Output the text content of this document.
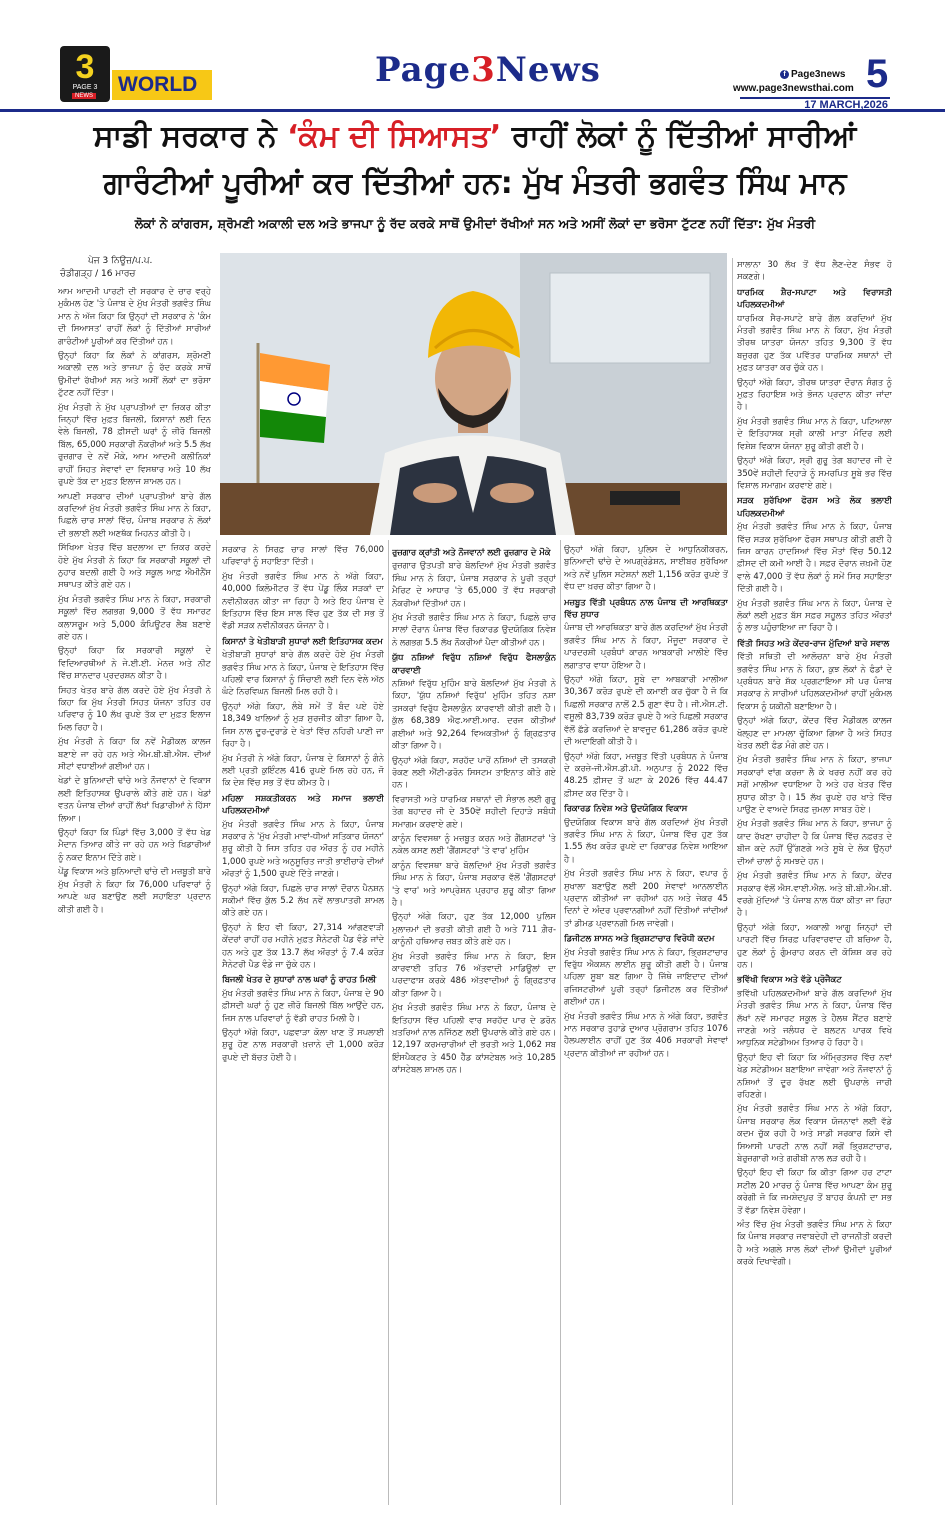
3
PAGE 3
NEWS WORLD	Page3News	f Page3news
www.page3newsthai.com 5
17 MARCH,2026
ਸਾਡੀ ਸਰਕਾਰ ਨੇ ‘ਕੰਮ ਦੀ ਸਿਆਸਤ’ ਰਾਹੀਂ ਲੋਕਾਂ ਨੂੰ ਦਿੱਤੀਆਂ ਸਾਰੀਆਂ
ਗਾਰੰਟੀਆਂ ਪੂਰੀਆਂ ਕਰ ਦਿੱਤੀਆਂ ਹਨ: ਮੁੱਖ ਮੰਤਰੀ ਭਗਵੰਤ ਸਿੰਘ ਮਾਨ
ਲੋਕਾਂ ਨੇ ਕਾਂਗਰਸ, ਸ਼੍ਰੋਮਣੀ ਅਕਾਲੀ ਦਲ ਅਤੇ ਭਾਜਪਾ ਨੂੰ ਰੱਦ ਕਰਕੇ ਸਾਥੋਂ ਉਮੀਦਾਂ ਰੱਖੀਆਂ ਸਨ ਅਤੇ ਅਸੀਂ ਲੋਕਾਂ ਦਾ ਭਰੋਸਾ ਟੁੱਟਣ ਨਹੀਂ ਦਿੱਤਾ: ਮੁੱਖ ਮੰਤਰੀ
ਪੇਜ 3 ਨਿਊਜ਼/ਪ.ਪ.
ਚੰਡੀਗੜ੍ਹ / 16 ਮਾਰਚ

ਆਮ ਆਦਮੀ ਪਾਰਟੀ ਦੀ ਸਰਕਾਰ ਦੇ ਚਾਰ ਵਰ੍ਹੇ ਮੁਕੰਮਲ ਹੋਣ 'ਤੇ ਪੰਜਾਬ ਦੇ ਮੁੱਖ ਮੰਤਰੀ ਭਗਵੰਤ ਸਿੰਘ ਮਾਨ ਨੇ ਅੱਜ ਕਿਹਾ ਕਿ ਉਨ੍ਹਾਂ ਦੀ ਸਰਕਾਰ ਨੇ 'ਕੰਮ ਦੀ ਸਿਆਸਤ' ਰਾਹੀਂ ਲੋਕਾਂ ਨੂੰ ਦਿੱਤੀਆਂ ਸਾਰੀਆਂ ਗਾਰੰਟੀਆਂ ਪੂਰੀਆਂ ਕਰ ਦਿੱਤੀਆਂ ਹਨ।

ਉਨ੍ਹਾਂ ਕਿਹਾ ਕਿ ਲੋਕਾਂ ਨੇ ਕਾਂਗਰਸ, ਸ਼੍ਰੋਮਣੀ ਅਕਾਲੀ ਦਲ ਅਤੇ ਭਾਜਪਾ ਨੂੰ ਰੱਦ ਕਰਕੇ ਸਾਥੋਂ ਉਮੀਦਾਂ ਰੱਖੀਆਂ ਸਨ ਅਤੇ ਅਸੀਂ ਲੋਕਾਂ ਦਾ ਭਰੋਸਾ ਟੁੱਟਣ ਨਹੀਂ ਦਿੱਤਾ।

ਮੁੱਖ ਮੰਤਰੀ ਨੇ ਮੁੱਖ ਪ੍ਰਾਪਤੀਆਂ ਦਾ ਜ਼ਿਕਰ ਕੀਤਾ ਜਿਨ੍ਹਾਂ ਵਿੱਚ ਮੁਫ਼ਤ ਬਿਜਲੀ, ਕਿਸਾਨਾਂ ਲਈ ਦਿਨ ਵੇਲੇ ਬਿਜਲੀ, 78 ਫ਼ੀਸਦੀ ਘਰਾਂ ਨੂੰ ਜ਼ੀਰੋ ਬਿਜਲੀ ਬਿੱਲ, 65,000 ਸਰਕਾਰੀ ਨੌਕਰੀਆਂ ਅਤੇ 5.5 ਲੱਖ ਰੁਜ਼ਗਾਰ ਦੇ ਨਵੇਂ ਮੌਕੇ, ਆਮ ਆਦਮੀ ਕਲੀਨਿਕਾਂ ਰਾਹੀਂ ਸਿਹਤ ਸੇਵਾਵਾਂ ਦਾ ਵਿਸਥਾਰ ਅਤੇ 10 ਲੱਖ ਰੁਪਏ ਤੱਕ ਦਾ ਮੁਫ਼ਤ ਇਲਾਜ ਸ਼ਾਮਲ ਹਨ।

ਆਪਣੀ ਸਰਕਾਰ ਦੀਆਂ ਪ੍ਰਾਪਤੀਆਂ ਬਾਰੇ ਗੱਲ ਕਰਦਿਆਂ ਮੁੱਖ ਮੰਤਰੀ ਭਗਵੰਤ ਸਿੰਘ ਮਾਨ ਨੇ ਕਿਹਾ, ਪਿਛਲੇ ਚਾਰ ਸਾਲਾਂ ਵਿੱਚ, ਪੰਜਾਬ ਸਰਕਾਰ ਨੇ ਲੋਕਾਂ ਦੀ ਭਲਾਈ ਲਈ ਅਣਥੱਕ ਮਿਹਨਤ ਕੀਤੀ ਹੈ।

ਸਿੱਖਿਆ ਖੇਤਰ ਵਿੱਚ ਬਦਲਾਅ ਦਾ ਜ਼ਿਕਰ ਕਰਦੇ ਹੋਏ ਮੁੱਖ ਮੰਤਰੀ ਨੇ ਕਿਹਾ ਕਿ ਸਰਕਾਰੀ ਸਕੂਲਾਂ ਦੀ ਨੁਹਾਰ ਬਦਲੀ ਗਈ ਹੈ ਅਤੇ ਸਕੂਲ ਆਫ਼ ਐਮੀਨੈਂਸ ਸਥਾਪਤ ਕੀਤੇ ਗਏ ਹਨ।

ਮੁੱਖ ਮੰਤਰੀ ਭਗਵੰਤ ਸਿੰਘ ਮਾਨ ਨੇ ਕਿਹਾ, ਸਰਕਾਰੀ ਸਕੂਲਾਂ ਵਿੱਚ ਲਗਭਗ 9,000 ਤੋਂ ਵੱਧ ਸਮਾਰਟ ਕਲਾਸਰੂਮ ਅਤੇ 5,000 ਕੰਪਿਊਟਰ ਲੈਬ ਬਣਾਏ ਗਏ ਹਨ।

ਉਨ੍ਹਾਂ ਕਿਹਾ ਕਿ ਸਰਕਾਰੀ ਸਕੂਲਾਂ ਦੇ ਵਿਦਿਆਰਥੀਆਂ ਨੇ ਜੇ.ਈ.ਈ. ਮੇਨਜ਼ ਅਤੇ ਨੀਟ ਵਿੱਚ ਸ਼ਾਨਦਾਰ ਪ੍ਰਦਰਸ਼ਨ ਕੀਤਾ ਹੈ।

ਸਿਹਤ ਖੇਤਰ ਬਾਰੇ ਗੱਲ ਕਰਦੇ ਹੋਏ ਮੁੱਖ ਮੰਤਰੀ ਨੇ ਕਿਹਾ ਕਿ ਮੁੱਖ ਮੰਤਰੀ ਸਿਹਤ ਯੋਜਨਾ ਤਹਿਤ ਹਰ ਪਰਿਵਾਰ ਨੂੰ 10 ਲੱਖ ਰੁਪਏ ਤੱਕ ਦਾ ਮੁਫ਼ਤ ਇਲਾਜ ਮਿਲ ਰਿਹਾ ਹੈ।

ਮੁੱਖ ਮੰਤਰੀ ਨੇ ਕਿਹਾ ਕਿ ਨਵੇਂ ਮੈਡੀਕਲ ਕਾਲਜ ਬਣਾਏ ਜਾ ਰਹੇ ਹਨ ਅਤੇ ਐਮ.ਬੀ.ਬੀ.ਐਸ. ਦੀਆਂ ਸੀਟਾਂ ਵਧਾਈਆਂ ਗਈਆਂ ਹਨ।

ਖੇਡਾਂ ਦੇ ਬੁਨਿਆਦੀ ਢਾਂਚੇ ਅਤੇ ਨੌਜਵਾਨਾਂ ਦੇ ਵਿਕਾਸ ਲਈ ਇਤਿਹਾਸਕ ਉਪਰਾਲੇ ਕੀਤੇ ਗਏ ਹਨ। ਖੇਡਾਂ ਵਤਨ ਪੰਜਾਬ ਦੀਆਂ ਰਾਹੀਂ ਲੱਖਾਂ ਖਿਡਾਰੀਆਂ ਨੇ ਹਿੱਸਾ ਲਿਆ।

ਉਨ੍ਹਾਂ ਕਿਹਾ ਕਿ ਪਿੰਡਾਂ ਵਿੱਚ 3,000 ਤੋਂ ਵੱਧ ਖੇਡ ਮੈਦਾਨ ਤਿਆਰ ਕੀਤੇ ਜਾ ਰਹੇ ਹਨ ਅਤੇ ਖਿਡਾਰੀਆਂ ਨੂੰ ਨਕਦ ਇਨਾਮ ਦਿੱਤੇ ਗਏ।

ਪੇਂਡੂ ਵਿਕਾਸ ਅਤੇ ਬੁਨਿਆਦੀ ਢਾਂਚੇ ਦੀ ਮਜ਼ਬੂਤੀ ਬਾਰੇ ਮੁੱਖ ਮੰਤਰੀ ਨੇ ਕਿਹਾ ਕਿ 76,000 ਪਰਿਵਾਰਾਂ ਨੂੰ ਆਪਣੇ ਘਰ ਬਣਾਉਣ ਲਈ ਸਹਾਇਤਾ ਪ੍ਰਦਾਨ ਕੀਤੀ ਗਈ ਹੈ।

ਸਰਕਾਰ ਨੇ ਸਿਰਫ਼ ਚਾਰ ਸਾਲਾਂ ਵਿੱਚ 76,000 ਪਰਿਵਾਰਾਂ ਨੂੰ ਸਹਾਇਤਾ ਦਿੱਤੀ।

ਮੁੱਖ ਮੰਤਰੀ ਭਗਵੰਤ ਸਿੰਘ ਮਾਨ ਨੇ ਅੱਗੇ ਕਿਹਾ, 40,000 ਕਿਲੋਮੀਟਰ ਤੋਂ ਵੱਧ ਪੇਂਡੂ ਲਿੰਕ ਸੜਕਾਂ ਦਾ ਨਵੀਨੀਕਰਨ ਕੀਤਾ ਜਾ ਰਿਹਾ ਹੈ ਅਤੇ ਇਹ ਪੰਜਾਬ ਦੇ ਇਤਿਹਾਸ ਵਿੱਚ ਇਸ ਸਾਲ ਵਿੱਚ ਹੁਣ ਤੱਕ ਦੀ ਸਭ ਤੋਂ ਵੱਡੀ ਸੜਕ ਨਵੀਨੀਕਰਨ ਯੋਜਨਾ ਹੈ।

ਕਿਸਾਨਾਂ ਤੇ ਖੇਤੀਬਾੜੀ ਸੁਧਾਰਾਂ ਲਈ ਇਤਿਹਾਸਕ ਕਦਮ

ਖੇਤੀਬਾੜੀ ਸੁਧਾਰਾਂ ਬਾਰੇ ਗੱਲ ਕਰਦੇ ਹੋਏ ਮੁੱਖ ਮੰਤਰੀ ਭਗਵੰਤ ਸਿੰਘ ਮਾਨ ਨੇ ਕਿਹਾ, ਪੰਜਾਬ ਦੇ ਇਤਿਹਾਸ ਵਿੱਚ ਪਹਿਲੀ ਵਾਰ ਕਿਸਾਨਾਂ ਨੂੰ ਸਿੰਚਾਈ ਲਈ ਦਿਨ ਵੇਲੇ ਅੱਠ ਘੰਟੇ ਨਿਰਵਿਘਨ ਬਿਜਲੀ ਮਿਲ ਰਹੀ ਹੈ।

ਉਨ੍ਹਾਂ ਅੱਗੇ ਕਿਹਾ, ਲੰਬੇ ਸਮੇਂ ਤੋਂ ਬੰਦ ਪਏ ਹੋਏ 18,349 ਖਾਲਿਆਂ ਨੂੰ ਮੁੜ ਸੁਰਜੀਤ ਕੀਤਾ ਗਿਆ ਹੈ, ਜਿਸ ਨਾਲ ਦੂਰ-ਦੁਰਾਡੇ ਦੇ ਖੇਤਾਂ ਵਿੱਚ ਨਹਿਰੀ ਪਾਣੀ ਜਾ ਰਿਹਾ ਹੈ।

ਮੁੱਖ ਮੰਤਰੀ ਨੇ ਅੱਗੇ ਕਿਹਾ, ਪੰਜਾਬ ਦੇ ਕਿਸਾਨਾਂ ਨੂੰ ਗੰਨੇ ਲਈ ਪ੍ਰਤੀ ਕੁਇੰਟਲ 416 ਰੁਪਏ ਮਿਲ ਰਹੇ ਹਨ, ਜੋ ਕਿ ਦੇਸ਼ ਵਿੱਚ ਸਭ ਤੋਂ ਵੱਧ ਕੀਮਤ ਹੈ।

ਮਹਿਲਾ ਸਸ਼ਕਤੀਕਰਨ ਅਤੇ ਸਮਾਜ ਭਲਾਈ ਪਹਿਲਕਦਮੀਆਂ

ਮੁੱਖ ਮੰਤਰੀ ਭਗਵੰਤ ਸਿੰਘ ਮਾਨ ਨੇ ਕਿਹਾ, ਪੰਜਾਬ ਸਰਕਾਰ ਨੇ 'ਮੁੱਖ ਮੰਤਰੀ ਮਾਵਾਂ-ਧੀਆਂ ਸਤਿਕਾਰ ਯੋਜਨਾ' ਸ਼ੁਰੂ ਕੀਤੀ ਹੈ ਜਿਸ ਤਹਿਤ ਹਰ ਔਰਤ ਨੂੰ ਹਰ ਮਹੀਨੇ 1,000 ਰੁਪਏ ਅਤੇ ਅਨੁਸੂਚਿਤ ਜਾਤੀ ਭਾਈਚਾਰੇ ਦੀਆਂ ਔਰਤਾਂ ਨੂੰ 1,500 ਰੁਪਏ ਦਿੱਤੇ ਜਾਣਗੇ।

ਉਨ੍ਹਾਂ ਅੱਗੇ ਕਿਹਾ, ਪਿਛਲੇ ਚਾਰ ਸਾਲਾਂ ਦੌਰਾਨ ਪੈਨਸ਼ਨ ਸਕੀਮਾਂ ਵਿੱਚ ਕੁੱਲ 5.2 ਲੱਖ ਨਵੇਂ ਲਾਭਪਾਤਰੀ ਸ਼ਾਮਲ ਕੀਤੇ ਗਏ ਹਨ।

ਉਨ੍ਹਾਂ ਨੇ ਇਹ ਵੀ ਕਿਹਾ, 27,314 ਆਂਗਣਵਾੜੀ ਕੇਂਦਰਾਂ ਰਾਹੀਂ ਹਰ ਮਹੀਨੇ ਮੁਫ਼ਤ ਸੈਨੇਟਰੀ ਪੈਡ ਵੰਡੇ ਜਾਂਦੇ ਹਨ ਅਤੇ ਹੁਣ ਤੱਕ 13.7 ਲੱਖ ਔਰਤਾਂ ਨੂੰ 7.4 ਕਰੋੜ ਸੈਨੇਟਰੀ ਪੈਡ ਵੰਡੇ ਜਾ ਚੁੱਕੇ ਹਨ।

ਬਿਜਲੀ ਖੇਤਰ ਦੇ ਸੁਧਾਰਾਂ ਨਾਲ ਘਰਾਂ ਨੂੰ ਰਾਹਤ ਮਿਲੀ

ਮੁੱਖ ਮੰਤਰੀ ਭਗਵੰਤ ਸਿੰਘ ਮਾਨ ਨੇ ਕਿਹਾ, ਪੰਜਾਬ ਦੇ 90 ਫ਼ੀਸਦੀ ਘਰਾਂ ਨੂੰ ਹੁਣ ਜ਼ੀਰੋ ਬਿਜਲੀ ਬਿੱਲ ਆਉਂਦੇ ਹਨ, ਜਿਸ ਨਾਲ ਪਰਿਵਾਰਾਂ ਨੂੰ ਵੱਡੀ ਰਾਹਤ ਮਿਲੀ ਹੈ।

ਉਨ੍ਹਾਂ ਅੱਗੇ ਕਿਹਾ, ਪਛਵਾੜਾ ਕੋਲਾ ਖਾਣ ਤੋਂ ਸਪਲਾਈ ਸ਼ੁਰੂ ਹੋਣ ਨਾਲ ਸਰਕਾਰੀ ਖ਼ਜ਼ਾਨੇ ਦੀ 1,000 ਕਰੋੜ ਰੁਪਏ ਦੀ ਬੱਚਤ ਹੋਈ ਹੈ।

ਰੁਜ਼ਗਾਰ ਕ੍ਰਾਂਤੀ ਅਤੇ ਨੌਜਵਾਨਾਂ ਲਈ ਰੁਜ਼ਗਾਰ ਦੇ ਮੌਕੇ

ਰੁਜ਼ਗਾਰ ਉਤਪਤੀ ਬਾਰੇ ਬੋਲਦਿਆਂ ਮੁੱਖ ਮੰਤਰੀ ਭਗਵੰਤ ਸਿੰਘ ਮਾਨ ਨੇ ਕਿਹਾ, ਪੰਜਾਬ ਸਰਕਾਰ ਨੇ ਪੂਰੀ ਤਰ੍ਹਾਂ ਮੈਰਿਟ ਦੇ ਆਧਾਰ 'ਤੇ 65,000 ਤੋਂ ਵੱਧ ਸਰਕਾਰੀ ਨੌਕਰੀਆਂ ਦਿੱਤੀਆਂ ਹਨ।

ਮੁੱਖ ਮੰਤਰੀ ਭਗਵੰਤ ਸਿੰਘ ਮਾਨ ਨੇ ਕਿਹਾ, ਪਿਛਲੇ ਚਾਰ ਸਾਲਾਂ ਦੌਰਾਨ ਪੰਜਾਬ ਵਿੱਚ ਰਿਕਾਰਡ ਉਦਯੋਗਿਕ ਨਿਵੇਸ਼ ਨੇ ਲਗਭਗ 5.5 ਲੱਖ ਨੌਕਰੀਆਂ ਪੈਦਾ ਕੀਤੀਆਂ ਹਨ।

ਯੁੱਧ ਨਸ਼ਿਆਂ ਵਿਰੁੱਧ ਨਸ਼ਿਆਂ ਵਿਰੁੱਧ ਫੈਸਲਾਕੁੰਨ ਕਾਰਵਾਈ

ਨਸ਼ਿਆਂ ਵਿਰੁੱਧ ਮੁਹਿੰਮ ਬਾਰੇ ਬੋਲਦਿਆਂ ਮੁੱਖ ਮੰਤਰੀ ਨੇ ਕਿਹਾ, 'ਯੁੱਧ ਨਸ਼ਿਆਂ ਵਿਰੁੱਧ' ਮੁਹਿੰਮ ਤਹਿਤ ਨਸ਼ਾ ਤਸਕਰਾਂ ਵਿਰੁੱਧ ਫੈਸਲਾਕੁੰਨ ਕਾਰਵਾਈ ਕੀਤੀ ਗਈ ਹੈ। ਕੁੱਲ 68,389 ਐਫ.ਆਈ.ਆਰ. ਦਰਜ ਕੀਤੀਆਂ ਗਈਆਂ ਅਤੇ 92,264 ਵਿਅਕਤੀਆਂ ਨੂੰ ਗ੍ਰਿਫ਼ਤਾਰ ਕੀਤਾ ਗਿਆ ਹੈ।

ਉਨ੍ਹਾਂ ਅੱਗੇ ਕਿਹਾ, ਸਰਹੱਦ ਪਾਰੋਂ ਨਸ਼ਿਆਂ ਦੀ ਤਸਕਰੀ ਰੋਕਣ ਲਈ ਐਂਟੀ-ਡਰੋਨ ਸਿਸਟਮ ਤਾਇਨਾਤ ਕੀਤੇ ਗਏ ਹਨ।

ਵਿਰਾਸਤੀ ਅਤੇ ਧਾਰਮਿਕ ਸਥਾਨਾਂ ਦੀ ਸੰਭਾਲ ਲਈ ਗੁਰੂ ਤੇਗ ਬਹਾਦਰ ਜੀ ਦੇ 350ਵੇਂ ਸ਼ਹੀਦੀ ਦਿਹਾੜੇ ਸਬੰਧੀ ਸਮਾਗਮ ਕਰਵਾਏ ਗਏ।

ਕਾਨੂੰਨ ਵਿਵਸਥਾ ਨੂੰ ਮਜ਼ਬੂਤ ਕਰਨ ਅਤੇ ਗੈਂਗਸਟਰਾਂ 'ਤੇ ਨਕੇਲ ਕਸਣ ਲਈ 'ਗੈਂਗਸਟਰਾਂ 'ਤੇ ਵਾਰ' ਮੁਹਿੰਮ

ਕਾਨੂੰਨ ਵਿਵਸਥਾ ਬਾਰੇ ਬੋਲਦਿਆਂ ਮੁੱਖ ਮੰਤਰੀ ਭਗਵੰਤ ਸਿੰਘ ਮਾਨ ਨੇ ਕਿਹਾ, ਪੰਜਾਬ ਸਰਕਾਰ ਵੱਲੋਂ 'ਗੈਂਗਸਟਰਾਂ 'ਤੇ ਵਾਰ' ਅਤੇ ਆਪ੍ਰੇਸ਼ਨ ਪ੍ਰਹਾਰ ਸ਼ੁਰੂ ਕੀਤਾ ਗਿਆ ਹੈ।

ਉਨ੍ਹਾਂ ਅੱਗੇ ਕਿਹਾ, ਹੁਣ ਤੱਕ 12,000 ਪੁਲਿਸ ਮੁਲਾਜ਼ਮਾਂ ਦੀ ਭਰਤੀ ਕੀਤੀ ਗਈ ਹੈ ਅਤੇ 711 ਗ਼ੈਰ-ਕਾਨੂੰਨੀ ਹਥਿਆਰ ਜ਼ਬਤ ਕੀਤੇ ਗਏ ਹਨ।

ਮੁੱਖ ਮੰਤਰੀ ਭਗਵੰਤ ਸਿੰਘ ਮਾਨ ਨੇ ਕਿਹਾ, ਇਸ ਕਾਰਵਾਈ ਤਹਿਤ 76 ਅੱਤਵਾਦੀ ਮਾਡਿਊਲਾਂ ਦਾ ਪਰਦਾਫਾਸ਼ ਕਰਕੇ 486 ਅੱਤਵਾਦੀਆਂ ਨੂੰ ਗ੍ਰਿਫ਼ਤਾਰ ਕੀਤਾ ਗਿਆ ਹੈ।

ਮੁੱਖ ਮੰਤਰੀ ਭਗਵੰਤ ਸਿੰਘ ਮਾਨ ਨੇ ਕਿਹਾ, ਪੰਜਾਬ ਦੇ ਇਤਿਹਾਸ ਵਿੱਚ ਪਹਿਲੀ ਵਾਰ ਸਰਹੱਦ ਪਾਰ ਦੇ ਡਰੋਨ ਖ਼ਤਰਿਆਂ ਨਾਲ ਨਜਿੱਠਣ ਲਈ ਉਪਰਾਲੇ ਕੀਤੇ ਗਏ ਹਨ। 12,197 ਕਰਮਚਾਰੀਆਂ ਦੀ ਭਰਤੀ ਅਤੇ 1,062 ਸਬ ਇੰਸਪੈਕਟਰ ਤੇ 450 ਹੈੱਡ ਕਾਂਸਟੇਬਲ ਅਤੇ 10,285 ਕਾਂਸਟੇਬਲ ਸ਼ਾਮਲ ਹਨ।

ਉਨ੍ਹਾਂ ਅੱਗੇ ਕਿਹਾ, ਪੁਲਿਸ ਦੇ ਆਧੁਨਿਕੀਕਰਨ, ਬੁਨਿਆਦੀ ਢਾਂਚੇ ਦੇ ਅਪਗ੍ਰੇਡੇਸ਼ਨ, ਸਾਈਬਰ ਸੁਰੱਖਿਆ ਅਤੇ ਨਵੇਂ ਪੁਲਿਸ ਸਟੇਸ਼ਨਾਂ ਲਈ 1,156 ਕਰੋੜ ਰੁਪਏ ਤੋਂ ਵੱਧ ਦਾ ਖ਼ਰਚ ਕੀਤਾ ਗਿਆ ਹੈ।

ਮਜ਼ਬੂਤ ਵਿੱਤੀ ਪ੍ਰਬੰਧਨ ਨਾਲ ਪੰਜਾਬ ਦੀ ਆਰਥਿਕਤਾ ਵਿੱਚ ਸੁਧਾਰ

ਪੰਜਾਬ ਦੀ ਆਰਥਿਕਤਾ ਬਾਰੇ ਗੱਲ ਕਰਦਿਆਂ ਮੁੱਖ ਮੰਤਰੀ ਭਗਵੰਤ ਸਿੰਘ ਮਾਨ ਨੇ ਕਿਹਾ, ਮੌਜੂਦਾ ਸਰਕਾਰ ਦੇ ਪਾਰਦਰਸ਼ੀ ਪ੍ਰਬੰਧਾਂ ਕਾਰਨ ਆਬਕਾਰੀ ਮਾਲੀਏ ਵਿੱਚ ਲਗਾਤਾਰ ਵਾਧਾ ਹੋਇਆ ਹੈ।

ਉਨ੍ਹਾਂ ਅੱਗੇ ਕਿਹਾ, ਸੂਬੇ ਦਾ ਆਬਕਾਰੀ ਮਾਲੀਆ 30,367 ਕਰੋੜ ਰੁਪਏ ਦੀ ਕਮਾਈ ਕਰ ਚੁੱਕਾ ਹੈ ਜੋ ਕਿ ਪਿਛਲੀ ਸਰਕਾਰ ਨਾਲੋਂ 2.5 ਗੁਣਾ ਵੱਧ ਹੈ। ਜੀ.ਐਸ.ਟੀ. ਵਸੂਲੀ 83,739 ਕਰੋੜ ਰੁਪਏ ਹੈ ਅਤੇ ਪਿਛਲੀ ਸਰਕਾਰ ਵੱਲੋਂ ਛੱਡੇ ਕਰਜ਼ਿਆਂ ਦੇ ਬਾਵਜੂਦ 61,286 ਕਰੋੜ ਰੁਪਏ ਦੀ ਅਦਾਇਗੀ ਕੀਤੀ ਹੈ।

ਉਨ੍ਹਾਂ ਅੱਗੇ ਕਿਹਾ, ਮਜ਼ਬੂਤ ਵਿੱਤੀ ਪ੍ਰਬੰਧਨ ਨੇ ਪੰਜਾਬ ਦੇ ਕਰਜ਼ੇ-ਜੀ.ਐਸ.ਡੀ.ਪੀ. ਅਨੁਪਾਤ ਨੂੰ 2022 ਵਿੱਚ 48.25 ਫ਼ੀਸਦ ਤੋਂ ਘਟਾ ਕੇ 2026 ਵਿੱਚ 44.47 ਫ਼ੀਸਦ ਕਰ ਦਿੱਤਾ ਹੈ।

ਰਿਕਾਰਡ ਨਿਵੇਸ਼ ਅਤੇ ਉਦਯੋਗਿਕ ਵਿਕਾਸ

ਉਦਯੋਗਿਕ ਵਿਕਾਸ ਬਾਰੇ ਗੱਲ ਕਰਦਿਆਂ ਮੁੱਖ ਮੰਤਰੀ ਭਗਵੰਤ ਸਿੰਘ ਮਾਨ ਨੇ ਕਿਹਾ, ਪੰਜਾਬ ਵਿੱਚ ਹੁਣ ਤੱਕ 1.55 ਲੱਖ ਕਰੋੜ ਰੁਪਏ ਦਾ ਰਿਕਾਰਡ ਨਿਵੇਸ਼ ਆਇਆ ਹੈ।

ਮੁੱਖ ਮੰਤਰੀ ਭਗਵੰਤ ਸਿੰਘ ਮਾਨ ਨੇ ਕਿਹਾ, ਵਪਾਰ ਨੂੰ ਸੁਖਾਲਾ ਬਣਾਉਣ ਲਈ 200 ਸੇਵਾਵਾਂ ਆਨਲਾਈਨ ਪ੍ਰਦਾਨ ਕੀਤੀਆਂ ਜਾ ਰਹੀਆਂ ਹਨ ਅਤੇ ਜੇਕਰ 45 ਦਿਨਾਂ ਦੇ ਅੰਦਰ ਪ੍ਰਵਾਨਗੀਆਂ ਨਹੀਂ ਦਿੱਤੀਆਂ ਜਾਂਦੀਆਂ ਤਾਂ ਡੀਮਡ ਪ੍ਰਵਾਨਗੀ ਮਿਲ ਜਾਵੇਗੀ।

ਡਿਜੀਟਲ ਸ਼ਾਸਨ ਅਤੇ ਭ੍ਰਿਸ਼ਟਾਚਾਰ ਵਿਰੋਧੀ ਕਦਮ

ਮੁੱਖ ਮੰਤਰੀ ਭਗਵੰਤ ਸਿੰਘ ਮਾਨ ਨੇ ਕਿਹਾ, ਭ੍ਰਿਸ਼ਟਾਚਾਰ ਵਿਰੁੱਧ ਐਕਸ਼ਨ ਲਾਈਨ ਸ਼ੁਰੂ ਕੀਤੀ ਗਈ ਹੈ। ਪੰਜਾਬ ਪਹਿਲਾ ਸੂਬਾ ਬਣ ਗਿਆ ਹੈ ਜਿੱਥੇ ਜਾਇਦਾਦ ਦੀਆਂ ਰਜਿਸਟਰੀਆਂ ਪੂਰੀ ਤਰ੍ਹਾਂ ਡਿਜੀਟਲ ਕਰ ਦਿੱਤੀਆਂ ਗਈਆਂ ਹਨ।

ਮੁੱਖ ਮੰਤਰੀ ਭਗਵੰਤ ਸਿੰਘ ਮਾਨ ਨੇ ਅੱਗੇ ਕਿਹਾ, ਭਗਵੰਤ ਮਾਨ ਸਰਕਾਰ ਤੁਹਾਡੇ ਦੁਆਰ ਪ੍ਰੋਗਰਾਮ ਤਹਿਤ 1076 ਹੈਲਪਲਾਈਨ ਰਾਹੀਂ ਹੁਣ ਤੱਕ 406 ਸਰਕਾਰੀ ਸੇਵਾਵਾਂ ਪ੍ਰਦਾਨ ਕੀਤੀਆਂ ਜਾ ਰਹੀਆਂ ਹਨ।

ਸਾਲਾਨਾ 30 ਲੱਖ ਤੋਂ ਵੱਧ ਲੈਣ-ਦੇਣ ਸੰਭਵ ਹੋ ਸਕਣਗੇ।

ਧਾਰਮਿਕ ਸ਼ੈਰ-ਸਪਾਟਾ ਅਤੇ ਵਿਰਾਸਤੀ ਪਹਿਲਕਦਮੀਆਂ

ਧਾਰਮਿਕ ਸੈਰ-ਸਪਾਟੇ ਬਾਰੇ ਗੱਲ ਕਰਦਿਆਂ ਮੁੱਖ ਮੰਤਰੀ ਭਗਵੰਤ ਸਿੰਘ ਮਾਨ ਨੇ ਕਿਹਾ, ਮੁੱਖ ਮੰਤਰੀ ਤੀਰਥ ਯਾਤਰਾ ਯੋਜਨਾ ਤਹਿਤ 9,300 ਤੋਂ ਵੱਧ ਬਜ਼ੁਰਗ ਹੁਣ ਤੱਕ ਪਵਿੱਤਰ ਧਾਰਮਿਕ ਸਥਾਨਾਂ ਦੀ ਮੁਫ਼ਤ ਯਾਤਰਾ ਕਰ ਚੁੱਕੇ ਹਨ।

ਉਨ੍ਹਾਂ ਅੱਗੇ ਕਿਹਾ, ਤੀਰਥ ਯਾਤਰਾ ਦੌਰਾਨ ਸੰਗਤ ਨੂੰ ਮੁਫ਼ਤ ਰਿਹਾਇਸ਼ ਅਤੇ ਭੋਜਨ ਪ੍ਰਦਾਨ ਕੀਤਾ ਜਾਂਦਾ ਹੈ।

ਮੁੱਖ ਮੰਤਰੀ ਭਗਵੰਤ ਸਿੰਘ ਮਾਨ ਨੇ ਕਿਹਾ, ਪਟਿਆਲਾ ਦੇ ਇਤਿਹਾਸਕ ਸ੍ਰੀ ਕਾਲੀ ਮਾਤਾ ਮੰਦਿਰ ਲਈ ਵਿਸ਼ੇਸ਼ ਵਿਕਾਸ ਯੋਜਨਾ ਸ਼ੁਰੂ ਕੀਤੀ ਗਈ ਹੈ।

ਉਨ੍ਹਾਂ ਅੱਗੇ ਕਿਹਾ, ਸ੍ਰੀ ਗੁਰੂ ਤੇਗ ਬਹਾਦਰ ਜੀ ਦੇ 350ਵੇਂ ਸ਼ਹੀਦੀ ਦਿਹਾੜੇ ਨੂੰ ਸਮਰਪਿਤ ਸੂਬੇ ਭਰ ਵਿੱਚ ਵਿਸ਼ਾਲ ਸਮਾਗਮ ਕਰਵਾਏ ਗਏ।

ਸੜਕ ਸੁਰੱਖਿਆ ਫੋਰਸ ਅਤੇ ਲੋਕ ਭਲਾਈ ਪਹਿਲਕਦਮੀਆਂ

ਮੁੱਖ ਮੰਤਰੀ ਭਗਵੰਤ ਸਿੰਘ ਮਾਨ ਨੇ ਕਿਹਾ, ਪੰਜਾਬ ਵਿੱਚ ਸੜਕ ਸੁਰੱਖਿਆ ਫੋਰਸ ਸਥਾਪਤ ਕੀਤੀ ਗਈ ਹੈ ਜਿਸ ਕਾਰਨ ਹਾਦਸਿਆਂ ਵਿੱਚ ਮੌਤਾਂ ਵਿੱਚ 50.12 ਫ਼ੀਸਦ ਦੀ ਕਮੀ ਆਈ ਹੈ। ਸਫ਼ਰ ਦੌਰਾਨ ਜ਼ਖ਼ਮੀ ਹੋਣ ਵਾਲੇ 47,000 ਤੋਂ ਵੱਧ ਲੋਕਾਂ ਨੂੰ ਸਮੇਂ ਸਿਰ ਸਹਾਇਤਾ ਦਿੱਤੀ ਗਈ ਹੈ।

ਮੁੱਖ ਮੰਤਰੀ ਭਗਵੰਤ ਸਿੰਘ ਮਾਨ ਨੇ ਕਿਹਾ, ਪੰਜਾਬ ਦੇ ਲੋਕਾਂ ਲਈ ਮੁਫ਼ਤ ਬੱਸ ਸਫ਼ਰ ਸਹੂਲਤ ਤਹਿਤ ਔਰਤਾਂ ਨੂੰ ਲਾਭ ਪਹੁੰਚਾਇਆ ਜਾ ਰਿਹਾ ਹੈ।

ਵਿੱਤੀ ਸਿਹਤ ਅਤੇ ਕੇਂਦਰ-ਰਾਜ ਮੁੱਦਿਆਂ ਬਾਰੇ ਸਵਾਲ

ਵਿੱਤੀ ਸਥਿਤੀ ਦੀ ਆਲੋਚਨਾ ਬਾਰੇ ਮੁੱਖ ਮੰਤਰੀ ਭਗਵੰਤ ਸਿੰਘ ਮਾਨ ਨੇ ਕਿਹਾ, ਕੁਝ ਲੋਕਾਂ ਨੇ ਫੰਡਾਂ ਦੇ ਪ੍ਰਬੰਧਨ ਬਾਰੇ ਸ਼ੱਕ ਪ੍ਰਗਟਾਇਆ ਸੀ ਪਰ ਪੰਜਾਬ ਸਰਕਾਰ ਨੇ ਸਾਰੀਆਂ ਪਹਿਲਕਦਮੀਆਂ ਰਾਹੀਂ ਮੁਕੰਮਲ ਵਿਕਾਸ ਨੂੰ ਯਕੀਨੀ ਬਣਾਇਆ ਹੈ।

ਉਨ੍ਹਾਂ ਅੱਗੇ ਕਿਹਾ, ਕੇਂਦਰ ਵਿੱਚ ਮੈਡੀਕਲ ਕਾਲਜ ਖੋਲ੍ਹਣ ਦਾ ਮਾਮਲਾ ਚੁੱਕਿਆ ਗਿਆ ਹੈ ਅਤੇ ਸਿਹਤ ਖੇਤਰ ਲਈ ਫੰਡ ਮੰਗੇ ਗਏ ਹਨ।

ਮੁੱਖ ਮੰਤਰੀ ਭਗਵੰਤ ਸਿੰਘ ਮਾਨ ਨੇ ਕਿਹਾ, ਭਾਜਪਾ ਸਰਕਾਰਾਂ ਵਾਂਗ ਕਰਜ਼ਾ ਲੈ ਕੇ ਖਰਚ ਨਹੀਂ ਕਰ ਰਹੇ ਸਗੋਂ ਮਾਲੀਆ ਵਧਾਇਆ ਹੈ ਅਤੇ ਹਰ ਖੇਤਰ ਵਿੱਚ ਸੁਧਾਰ ਕੀਤਾ ਹੈ। 15 ਲੱਖ ਰੁਪਏ ਹਰ ਖਾਤੇ ਵਿੱਚ ਪਾਉਣ ਦੇ ਵਾਅਦੇ ਸਿਰਫ਼ ਜੁਮਲਾ ਸਾਬਤ ਹੋਏ।

ਮੁੱਖ ਮੰਤਰੀ ਭਗਵੰਤ ਸਿੰਘ ਮਾਨ ਨੇ ਕਿਹਾ, ਭਾਜਪਾ ਨੂੰ ਯਾਦ ਰੱਖਣਾ ਚਾਹੀਦਾ ਹੈ ਕਿ ਪੰਜਾਬ ਵਿੱਚ ਨਫ਼ਰਤ ਦੇ ਬੀਜ ਕਦੇ ਨਹੀਂ ਉੱਗਣਗੇ ਅਤੇ ਸੂਬੇ ਦੇ ਲੋਕ ਉਨ੍ਹਾਂ ਦੀਆਂ ਚਾਲਾਂ ਨੂੰ ਸਮਝਦੇ ਹਨ।

ਮੁੱਖ ਮੰਤਰੀ ਭਗਵੰਤ ਸਿੰਘ ਮਾਨ ਨੇ ਕਿਹਾ, ਕੇਂਦਰ ਸਰਕਾਰ ਵੱਲੋਂ ਐਸ.ਵਾਈ.ਐਲ. ਅਤੇ ਬੀ.ਬੀ.ਐਮ.ਬੀ. ਵਰਗੇ ਮੁੱਦਿਆਂ 'ਤੇ ਪੰਜਾਬ ਨਾਲ ਧੱਕਾ ਕੀਤਾ ਜਾ ਰਿਹਾ ਹੈ।

ਉਨ੍ਹਾਂ ਅੱਗੇ ਕਿਹਾ, ਅਕਾਲੀ ਆਗੂ ਜਿਨ੍ਹਾਂ ਦੀ ਪਾਰਟੀ ਵਿੱਚ ਸਿਰਫ਼ ਪਰਿਵਾਰਵਾਦ ਹੀ ਬਚਿਆ ਹੈ, ਹੁਣ ਲੋਕਾਂ ਨੂੰ ਗੁੰਮਰਾਹ ਕਰਨ ਦੀ ਕੋਸ਼ਿਸ਼ ਕਰ ਰਹੇ ਹਨ।

ਭਵਿੱਖੀ ਵਿਕਾਸ ਅਤੇ ਵੱਡੇ ਪ੍ਰੋਜੈਕਟ

ਭਵਿੱਖੀ ਪਹਿਲਕਦਮੀਆਂ ਬਾਰੇ ਗੱਲ ਕਰਦਿਆਂ ਮੁੱਖ ਮੰਤਰੀ ਭਗਵੰਤ ਸਿੰਘ ਮਾਨ ਨੇ ਕਿਹਾ, ਪੰਜਾਬ ਵਿੱਚ ਲੱਖਾਂ ਨਵੇਂ ਸਮਾਰਟ ਸਕੂਲ ਤੇ ਹੈਲਥ ਸੈਂਟਰ ਬਣਾਏ ਜਾਣਗੇ ਅਤੇ ਜਲੰਧਰ ਦੇ ਬਲਟਨ ਪਾਰਕ ਵਿਖੇ ਆਧੁਨਿਕ ਸਟੇਡੀਅਮ ਤਿਆਰ ਹੋ ਰਿਹਾ ਹੈ।

ਉਨ੍ਹਾਂ ਇਹ ਵੀ ਕਿਹਾ ਕਿ ਅੰਮ੍ਰਿਤਸਰ ਵਿੱਚ ਨਵਾਂ ਖੇਡ ਸਟੇਡੀਅਮ ਬਣਾਇਆ ਜਾਵੇਗਾ ਅਤੇ ਨੌਜਵਾਨਾਂ ਨੂੰ ਨਸ਼ਿਆਂ ਤੋਂ ਦੂਰ ਰੱਖਣ ਲਈ ਉਪਰਾਲੇ ਜਾਰੀ ਰਹਿਣਗੇ।

ਮੁੱਖ ਮੰਤਰੀ ਭਗਵੰਤ ਸਿੰਘ ਮਾਨ ਨੇ ਅੱਗੇ ਕਿਹਾ, ਪੰਜਾਬ ਸਰਕਾਰ ਲੋਕ ਵਿਕਾਸ ਯੋਜਨਾਵਾਂ ਲਈ ਵੱਡੇ ਕਦਮ ਚੁੱਕ ਰਹੀ ਹੈ ਅਤੇ ਸਾਡੀ ਸਰਕਾਰ ਕਿਸੇ ਵੀ ਸਿਆਸੀ ਪਾਰਟੀ ਨਾਲ ਨਹੀਂ ਸਗੋਂ ਭ੍ਰਿਸ਼ਟਾਚਾਰ, ਬੇਰੁਜ਼ਗਾਰੀ ਅਤੇ ਗਰੀਬੀ ਨਾਲ ਲੜ ਰਹੀ ਹੈ।

ਉਨ੍ਹਾਂ ਇਹ ਵੀ ਕਿਹਾ ਕਿ ਕੀਤਾ ਗਿਆ ਹਰ ਟਾਟਾ ਸਟੀਲ 20 ਮਾਰਚ ਨੂੰ ਪੰਜਾਬ ਵਿੱਚ ਆਪਣਾ ਕੰਮ ਸ਼ੁਰੂ ਕਰੇਗੀ ਜੋ ਕਿ ਜਮਸ਼ੇਦਪੁਰ ਤੋਂ ਬਾਹਰ ਕੰਪਨੀ ਦਾ ਸਭ ਤੋਂ ਵੱਡਾ ਨਿਵੇਸ਼ ਹੋਵੇਗਾ।

ਅੰਤ ਵਿੱਚ ਮੁੱਖ ਮੰਤਰੀ ਭਗਵੰਤ ਸਿੰਘ ਮਾਨ ਨੇ ਕਿਹਾ ਕਿ ਪੰਜਾਬ ਸਰਕਾਰ ਜਵਾਬਦੇਹੀ ਦੀ ਰਾਜਨੀਤੀ ਕਰਦੀ ਹੈ ਅਤੇ ਅਗਲੇ ਸਾਲ ਲੋਕਾਂ ਦੀਆਂ ਉਮੀਦਾਂ ਪੂਰੀਆਂ ਕਰਕੇ ਦਿਖਾਵੇਗੀ।
